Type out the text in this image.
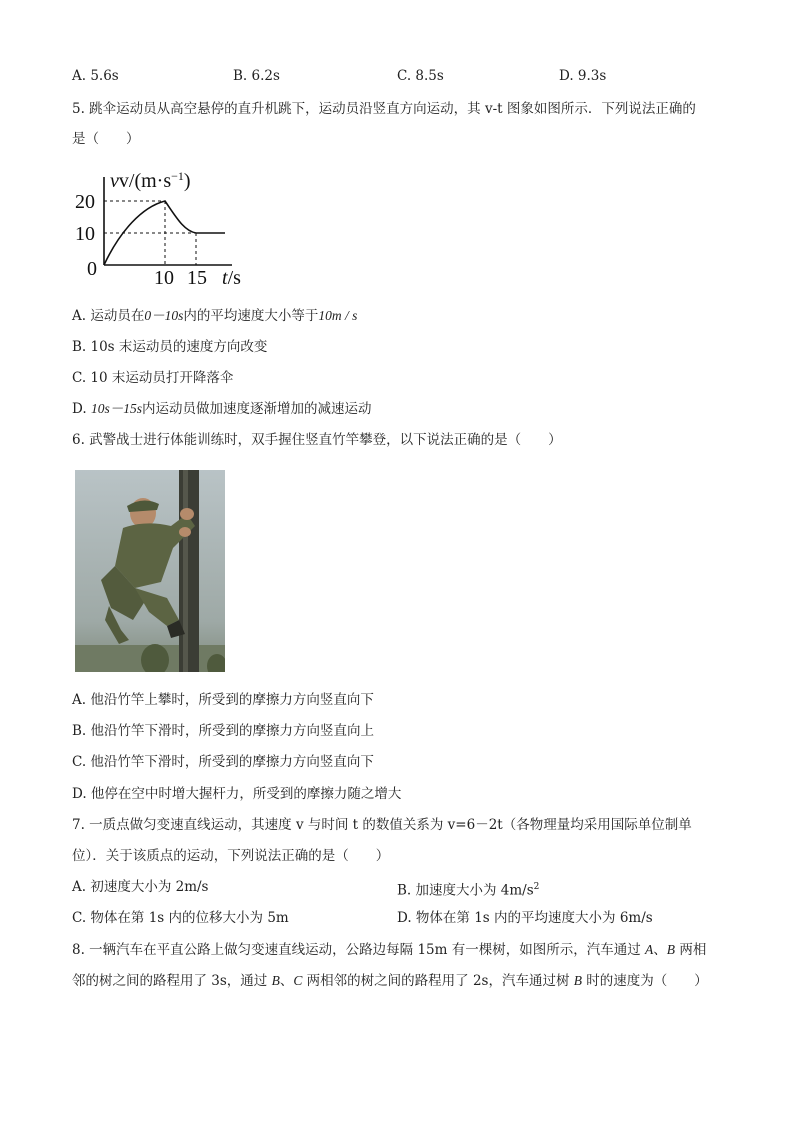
A. 5.6s	B. 6.2s	C. 8.5s	D. 9.3s
5. 跳伞运动员从高空悬停的直升机跳下，运动员沿竖直方向运动，其 v-t 图象如图所示．下列说法正确的
是（　　）
$vv/(m\cdot s^{-1})$
20
10
0	10 15 t/s
A. 运动员在0－10s内的平均速度大小等于10m / s
B. 10s 末运动员的速度方向改变
C. 10 末运动员打开降落伞
D. 10s－15s内运动员做加速度逐渐增加的减速运动
6. 武警战士进行体能训练时，双手握住竖直竹竿攀登，以下说法正确的是（　　）
A. 他沿竹竿上攀时，所受到的摩擦力方向竖直向下
B. 他沿竹竿下滑时，所受到的摩擦力方向竖直向上
C. 他沿竹竿下滑时，所受到的摩擦力方向竖直向下
D. 他停在空中时增大握杆力，所受到的摩擦力随之增大
7. 一质点做匀变速直线运动，其速度 v 与时间 t 的数值关系为 v=6－2t（各物理量均采用国际单位制单
位）．关于该质点的运动，下列说法正确的是（　　）
A. 初速度大小为 2m/s	B. 加速度大小为 $4m/s^2$
C. 物体在第 1s 内的位移大小为 5m	D. 物体在第 1s 内的平均速度大小为 6m/s
8. 一辆汽车在平直公路上做匀变速直线运动，公路边每隔 15m 有一棵树，如图所示，汽车通过 A、B 两相
邻的树之间的路程用了 3s，通过 B、C 两相邻的树之间的路程用了 2s，汽车通过树 B 时的速度为（　　）
